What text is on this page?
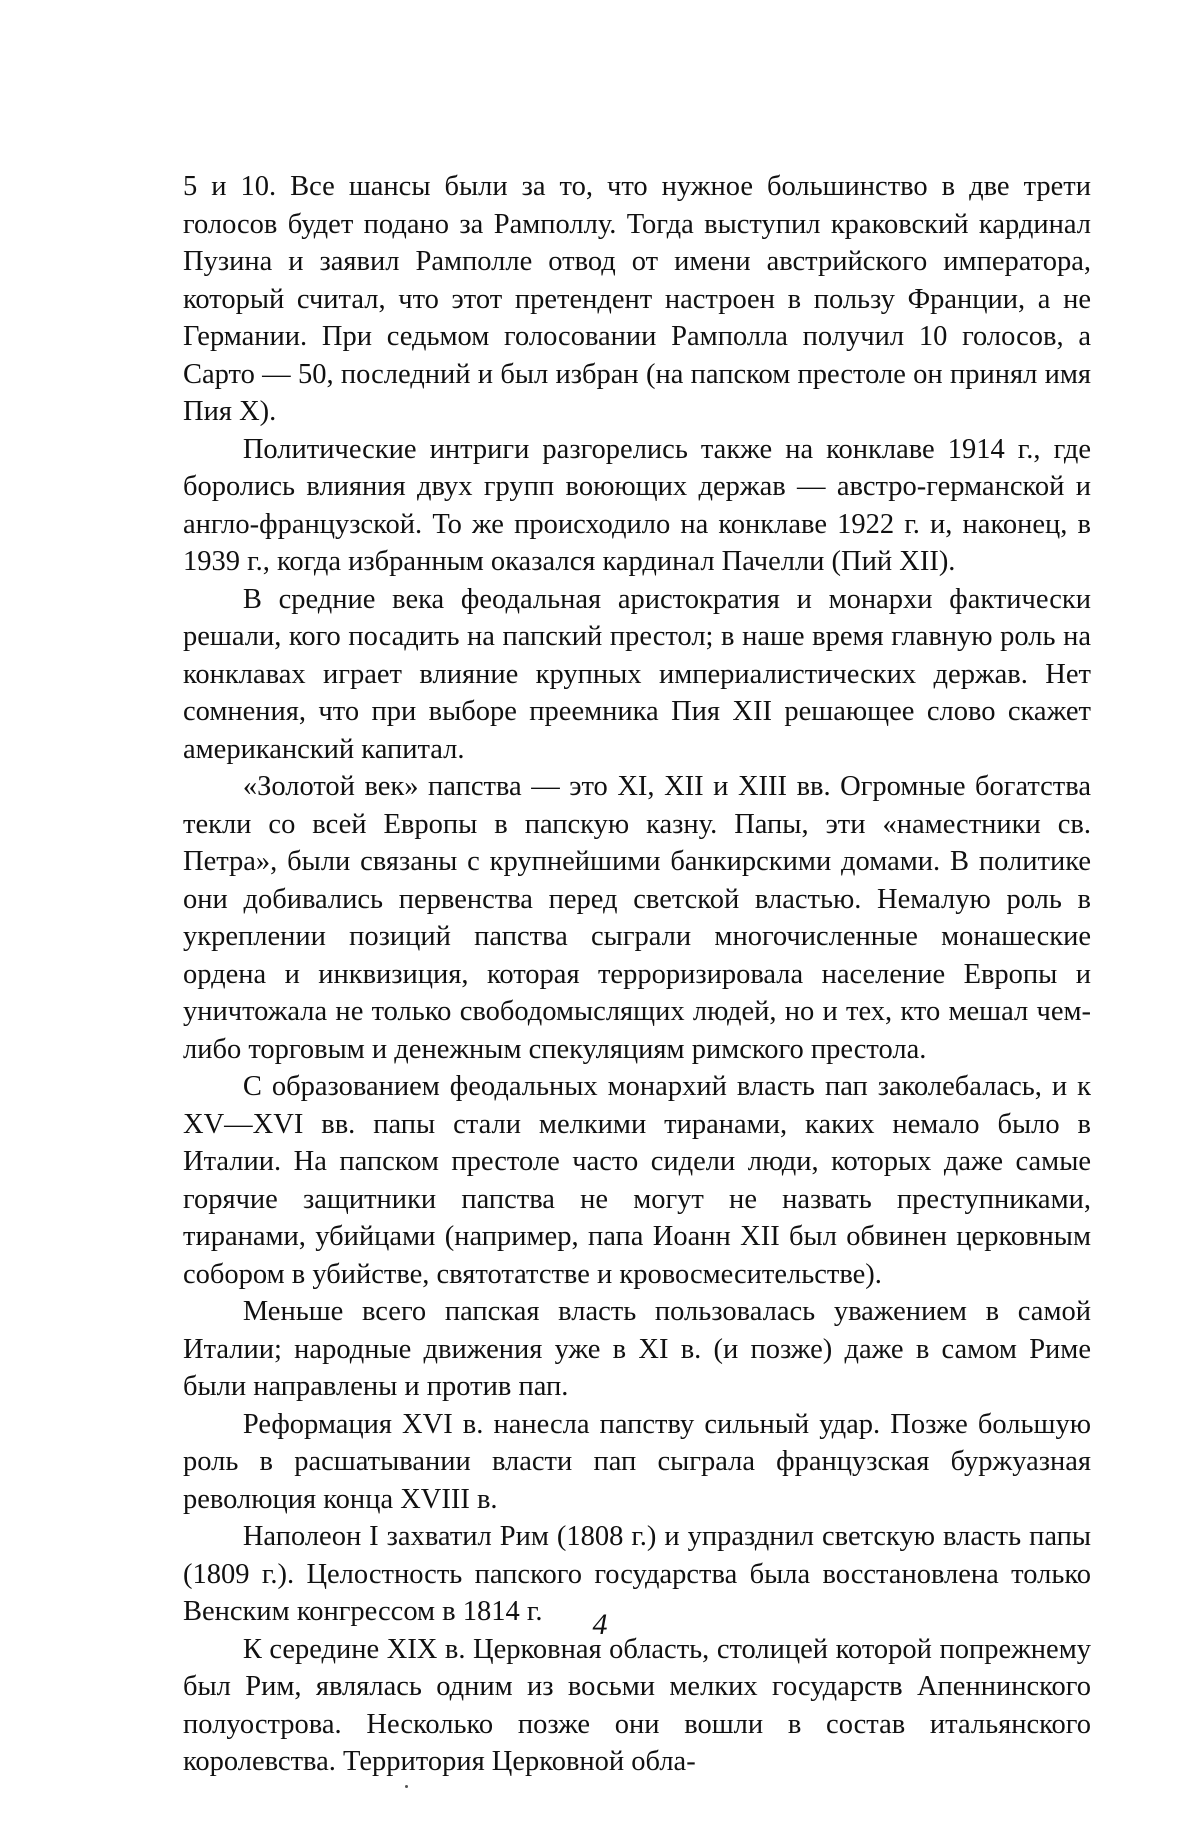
5 и 10. Все шансы были за то, что нужное большинство в две трети голосов будет подано за Рамполлу. Тогда выступил краковский кардинал Пузина и заявил Рамполле отвод от имени австрийского императора, который считал, что этот претендент настроен в пользу Франции, а не Германии. При седьмом голосовании Рамполла получил 10 голосов, а Сарто — 50, последний и был избран (на папском престоле он принял имя Пия X).

Политические интриги разгорелись также на конклаве 1914 г., где боролись влияния двух групп воюющих держав — австро-германской и англо-французской. То же происходило на конклаве 1922 г. и, наконец, в 1939 г., когда избранным оказался кардинал Пачелли (Пий XII).

В средние века феодальная аристократия и монархи фактически решали, кого посадить на папский престол; в наше время главную роль на конклавах играет влияние крупных империалистических держав. Нет сомнения, что при выборе преемника Пия XII решающее слово скажет американский капитал.

«Золотой век» папства — это XI, XII и XIII вв. Огромные богатства текли со всей Европы в папскую казну. Папы, эти «наместники св. Петра», были связаны с крупнейшими банкирскими домами. В политике они добивались первенства перед светской властью. Немалую роль в укреплении позиций папства сыграли многочисленные монашеские ордена и инквизиция, которая терроризировала население Европы и уничтожала не только свободомыслящих людей, но и тех, кто мешал чем-либо торговым и денежным спекуляциям римского престола.

С образованием феодальных монархий власть пап заколебалась, и к XV—XVI вв. папы стали мелкими тиранами, каких немало было в Италии. На папском престоле часто сидели люди, которых даже самые горячие защитники папства не могут не назвать преступниками, тиранами, убийцами (например, папа Иоанн XII был обвинен церковным собором в убийстве, святотатстве и кровосмесительстве).

Меньше всего папская власть пользовалась уважением в самой Италии; народные движения уже в XI в. (и позже) даже в самом Риме были направлены и против пап.

Реформация XVI в. нанесла папству сильный удар. Позже большую роль в расшатывании власти пап сыграла французская буржуазная революция конца XVIII в.

Наполеон I захватил Рим (1808 г.) и упразднил светскую власть папы (1809 г.). Целостность папского государства была восстановлена только Венским конгрессом в 1814 г.

К середине XIX в. Церковная область, столицей которой попрежнему был Рим, являлась одним из восьми мелких государств Апеннинского полуострова. Несколько позже они вошли в состав итальянского королевства. Территория Церковной обла-

4
